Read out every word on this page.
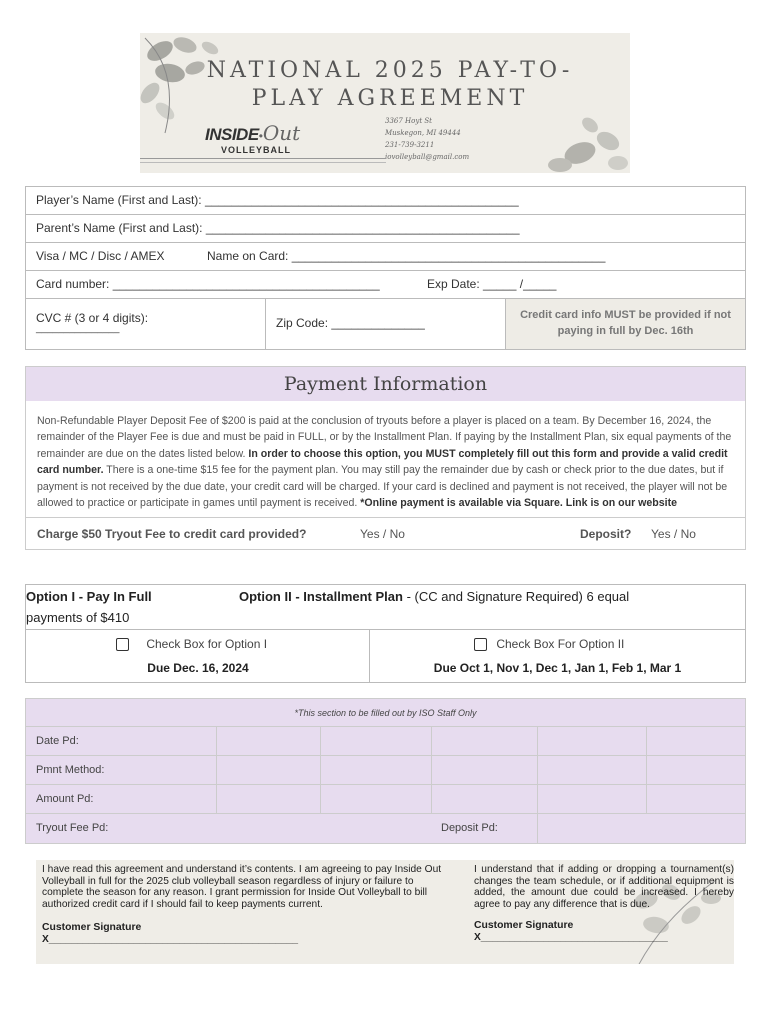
NATIONAL 2025 PAY-TO-
PLAY AGREEMENT
INSIDE•Out
VOLLEYBALL
3367 Hoyt St
Muskegon, MI 49444
231-739-3211
iovolleyball@gmail.com
Player’s Name (First and Last): _______________________________________________
Parent’s Name (First and Last): _______________________________________________
Visa / MC / Disc / AMEX	Name on Card: _______________________________________________
Card number: ________________________________________	Exp Date: _____ /_____
CVC # (3 or 4 digits):
_______________	Zip Code: ______________
Credit card info MUST be provided if not paying in full by Dec. 16th
Payment Information
Non-Refundable Player Deposit Fee of $200 is paid at the conclusion of tryouts before a player is placed on a team. By December 16, 2024, the remainder of the Player Fee is due and must be paid in FULL, or by the Installment Plan. If paying by the Installment Plan, six equal payments of the remainder are due on the dates listed below. In order to choose this option, you MUST completely fill out this form and provide a valid credit card number. There is a one-time $15 fee for the payment plan. You may still pay the remainder due by cash or check prior to the due dates, but if payment is not received by the due date, your credit card will be charged. If your card is declined and payment is not received, the player will not be allowed to practice or participate in games until payment is received. *Online payment is available via Square. Link is on our website
Charge $50 Tryout Fee to credit card provided?	Yes / No	Deposit? Yes / No
Option I - Pay In Full	Option II - Installment Plan - (CC and Signature Required) 6 equal
payments of $410
Check Box for Option I
Due Dec. 16, 2024
Check Box For Option II
Due Oct 1, Nov 1, Dec 1, Jan 1, Feb 1, Mar 1
*This section to be filled out by ISO Staff Only
Date Pd:
Pmnt Method:
Amount Pd:
Tryout Fee Pd:	Deposit Pd:
I have read this agreement and understand it’s contents. I am agreeing to pay Inside Out Volleyball in full for the 2025 club volleyball season regardless of injury or failure to complete the season for any reason. I grant permission for Inside Out Volleyball to bill authorized credit card if I should fail to keep payments current.
Customer Signature
X____________________________________________
I understand that if adding or dropping a tournament(s) changes the team schedule, or if additional equipment is added, the amount due could be increased. I hereby agree to pay any difference that is due.
Customer Signature
X_________________________________
